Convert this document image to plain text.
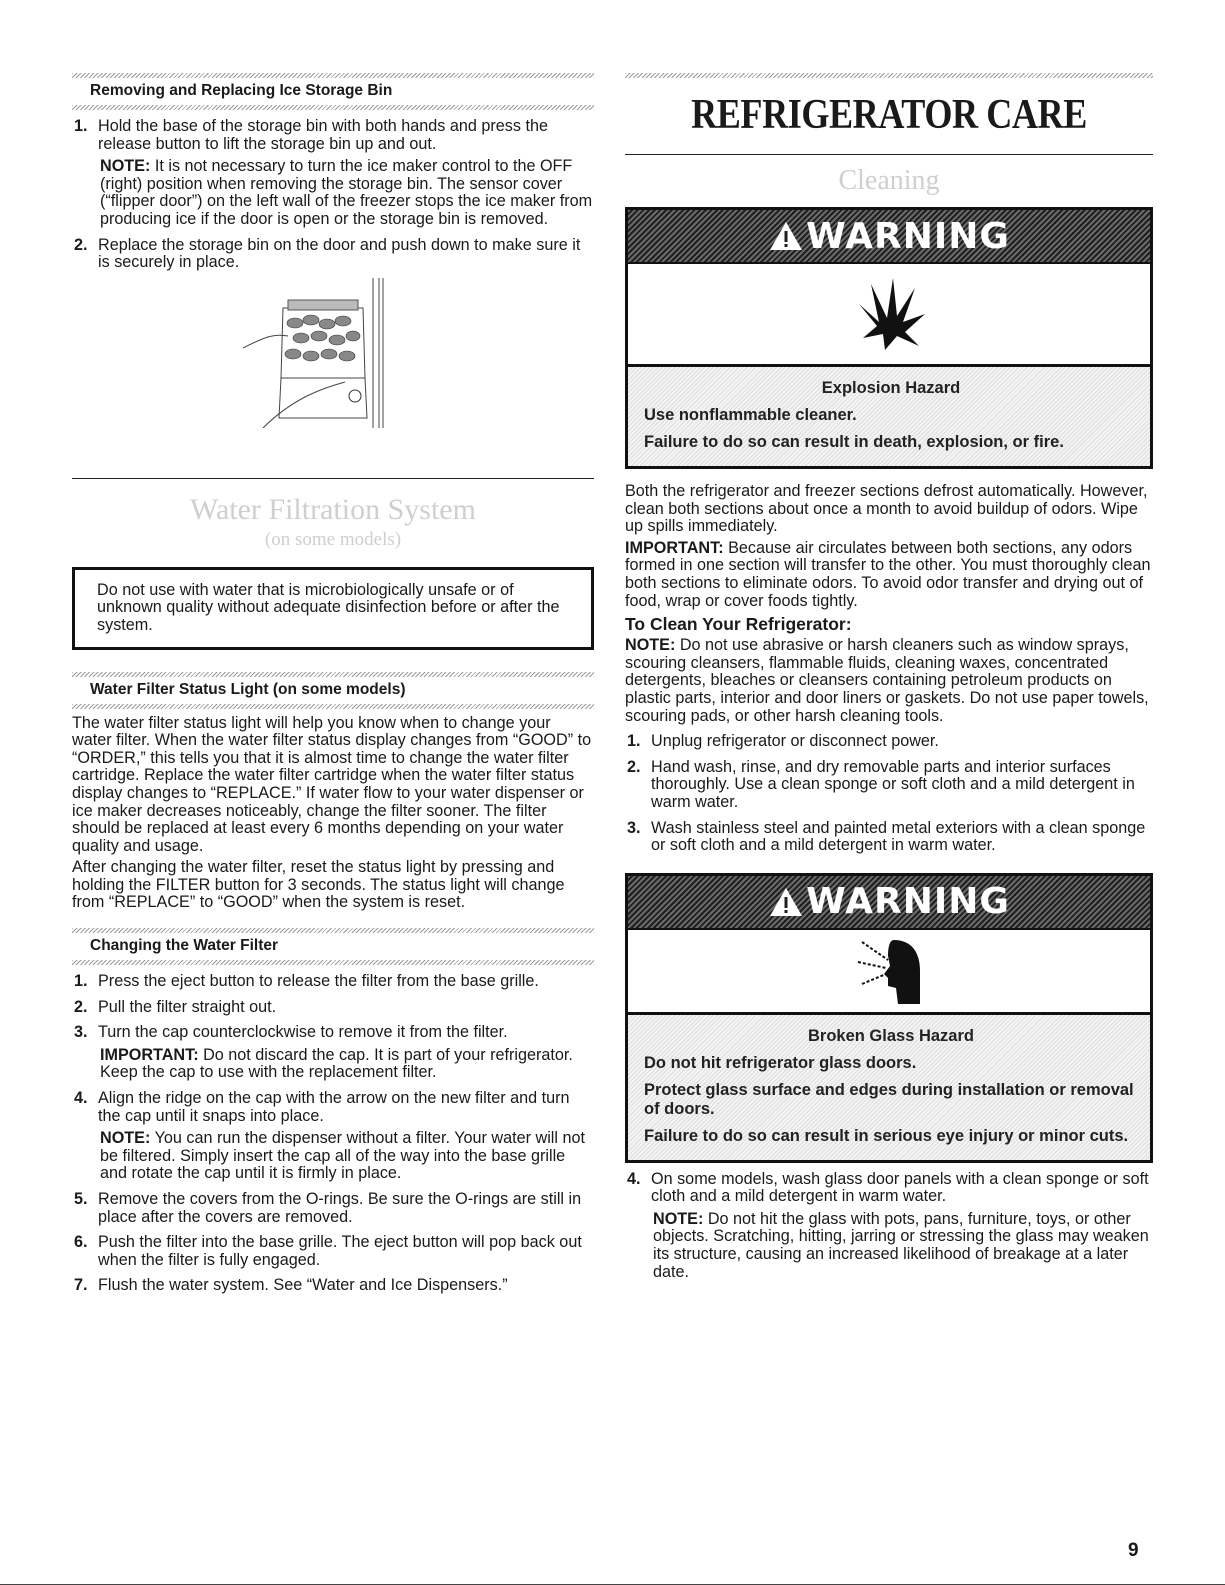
Removing and Replacing Ice Storage Bin
1. Hold the base of the storage bin with both hands and press the release button to lift the storage bin up and out.
NOTE: It is not necessary to turn the ice maker control to the OFF (right) position when removing the storage bin. The sensor cover (“flipper door”) on the left wall of the freezer stops the ice maker from producing ice if the door is open or the storage bin is removed.
2. Replace the storage bin on the door and push down to make sure it is securely in place.
Water Filtration System
(on some models)

Do not use with water that is microbiologically unsafe or of unknown quality without adequate disinfection before or after the system.

Water Filter Status Light (on some models)

The water filter status light will help you know when to change your water filter. When the water filter status display changes from “GOOD” to “ORDER,” this tells you that it is almost time to change the water filter cartridge. Replace the water filter cartridge when the water filter status display changes to “REPLACE.” If water flow to your water dispenser or ice maker decreases noticeably, change the filter sooner. The filter should be replaced at least every 6 months depending on your water quality and usage.

After changing the water filter, reset the status light by pressing and holding the FILTER button for 3 seconds. The status light will change from “REPLACE” to “GOOD” when the system is reset.

Changing the Water Filter
1. Press the eject button to release the filter from the base grille.
2. Pull the filter straight out.
3. Turn the cap counterclockwise to remove it from the filter.
IMPORTANT: Do not discard the cap. It is part of your refrigerator. Keep the cap to use with the replacement filter.
4. Align the ridge on the cap with the arrow on the new filter and turn the cap until it snaps into place.
NOTE: You can run the dispenser without a filter. Your water will not be filtered. Simply insert the cap all of the way into the base grille and rotate the cap until it is firmly in place.
5. Remove the covers from the O-rings. Be sure the O-rings are still in place after the covers are removed.
6. Push the filter into the base grille. The eject button will pop back out when the filter is fully engaged.
7. Flush the water system. See “Water and Ice Dispensers.”
REFRIGERATOR CARE
Cleaning
WARNING
Explosion Hazard
Use nonflammable cleaner.
Failure to do so can result in death, explosion, or fire.

Both the refrigerator and freezer sections defrost automatically. However, clean both sections about once a month to avoid buildup of odors. Wipe up spills immediately.

IMPORTANT: Because air circulates between both sections, any odors formed in one section will transfer to the other. You must thoroughly clean both sections to eliminate odors. To avoid odor transfer and drying out of food, wrap or cover foods tightly.

To Clean Your Refrigerator:

NOTE: Do not use abrasive or harsh cleaners such as window sprays, scouring cleansers, flammable fluids, cleaning waxes, concentrated detergents, bleaches or cleansers containing petroleum products on plastic parts, interior and door liners or gaskets. Do not use paper towels, scouring pads, or other harsh cleaning tools.

1. Unplug refrigerator or disconnect power.
2. Hand wash, rinse, and dry removable parts and interior surfaces thoroughly. Use a clean sponge or soft cloth and a mild detergent in warm water.
3. Wash stainless steel and painted metal exteriors with a clean sponge or soft cloth and a mild detergent in warm water.
WARNING
Broken Glass Hazard
Do not hit refrigerator glass doors.
Protect glass surface and edges during installation or removal of doors.
Failure to do so can result in serious eye injury or minor cuts.
4. On some models, wash glass door panels with a clean sponge or soft cloth and a mild detergent in warm water.
NOTE: Do not hit the glass with pots, pans, furniture, toys, or other objects. Scratching, hitting, jarring or stressing the glass may weaken its structure, causing an increased likelihood of breakage at a later date.
9
